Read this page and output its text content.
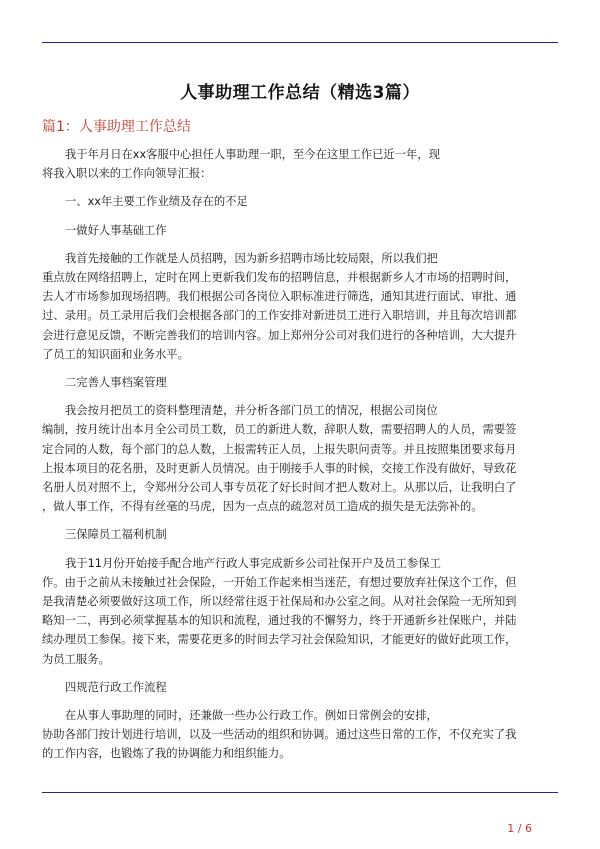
人事助理工作总结（精选3篇）
篇1：人事助理工作总结

我于年月日在xx客服中心担任人事助理一职，至今在这里工作已近一年，现
将我入职以来的工作向领导汇报：

一、xx年主要工作业绩及存在的不足

一做好人事基础工作

我首先接触的工作就是人员招聘，因为新乡招聘市场比较局限，所以我们把
重点放在网络招聘上，定时在网上更新我们发布的招聘信息，并根据新乡人才市场的招聘时间，
去人才市场参加现场招聘。我们根据公司各岗位入职标准进行筛选，通知其进行面试、审批、通
过、录用。员工录用后我们会根据各部门的工作安排对新进员工进行入职培训，并且每次培训都
会进行意见反馈，不断完善我们的培训内容。加上郑州分公司对我们进行的各种培训，大大提升
了员工的知识面和业务水平。

二完善人事档案管理

我会按月把员工的资料整理清楚，并分析各部门员工的情况，根据公司岗位
编制，按月统计出本月全公司员工数，员工的新进人数，辞职人数，需要招聘人的人员，需要签
定合同的人数，每个部门的总人数，上报需转正人员，上报失职问责等。并且按照集团要求每月
上报本项目的花名册，及时更新人员情况。由于刚接手人事的时候，交接工作没有做好，导致花
名册人员对照不上，令郑州分公司人事专员花了好长时间才把人数对上。从那以后，让我明白了
，做人事工作，不得有丝毫的马虎，因为一点点的疏忽对员工造成的损失是无法弥补的。

三保障员工福利机制

我于11月份开始接手配合地产行政人事完成新乡公司社保开户及员工参保工
作。由于之前从未接触过社会保险，一开始工作起来相当迷茫，有想过要放弃社保这个工作，但
是我清楚必须要做好这项工作，所以经常往返于社保局和办公室之间。从对社会保险一无所知到
略知一二，再到必须掌握基本的知识和流程，通过我的不懈努力，终于开通新乡社保账户，并陆
续办理员工参保。接下来，需要花更多的时间去学习社会保险知识，才能更好的做好此项工作，
为员工服务。

四规范行政工作流程

在从事人事助理的同时，还兼做一些办公行政工作。例如日常例会的安排，
协助各部门按计划进行培训，以及一些活动的组织和协调。通过这些日常的工作，不仅充实了我
的工作内容，也锻炼了我的协调能力和组织能力。

1 / 6
